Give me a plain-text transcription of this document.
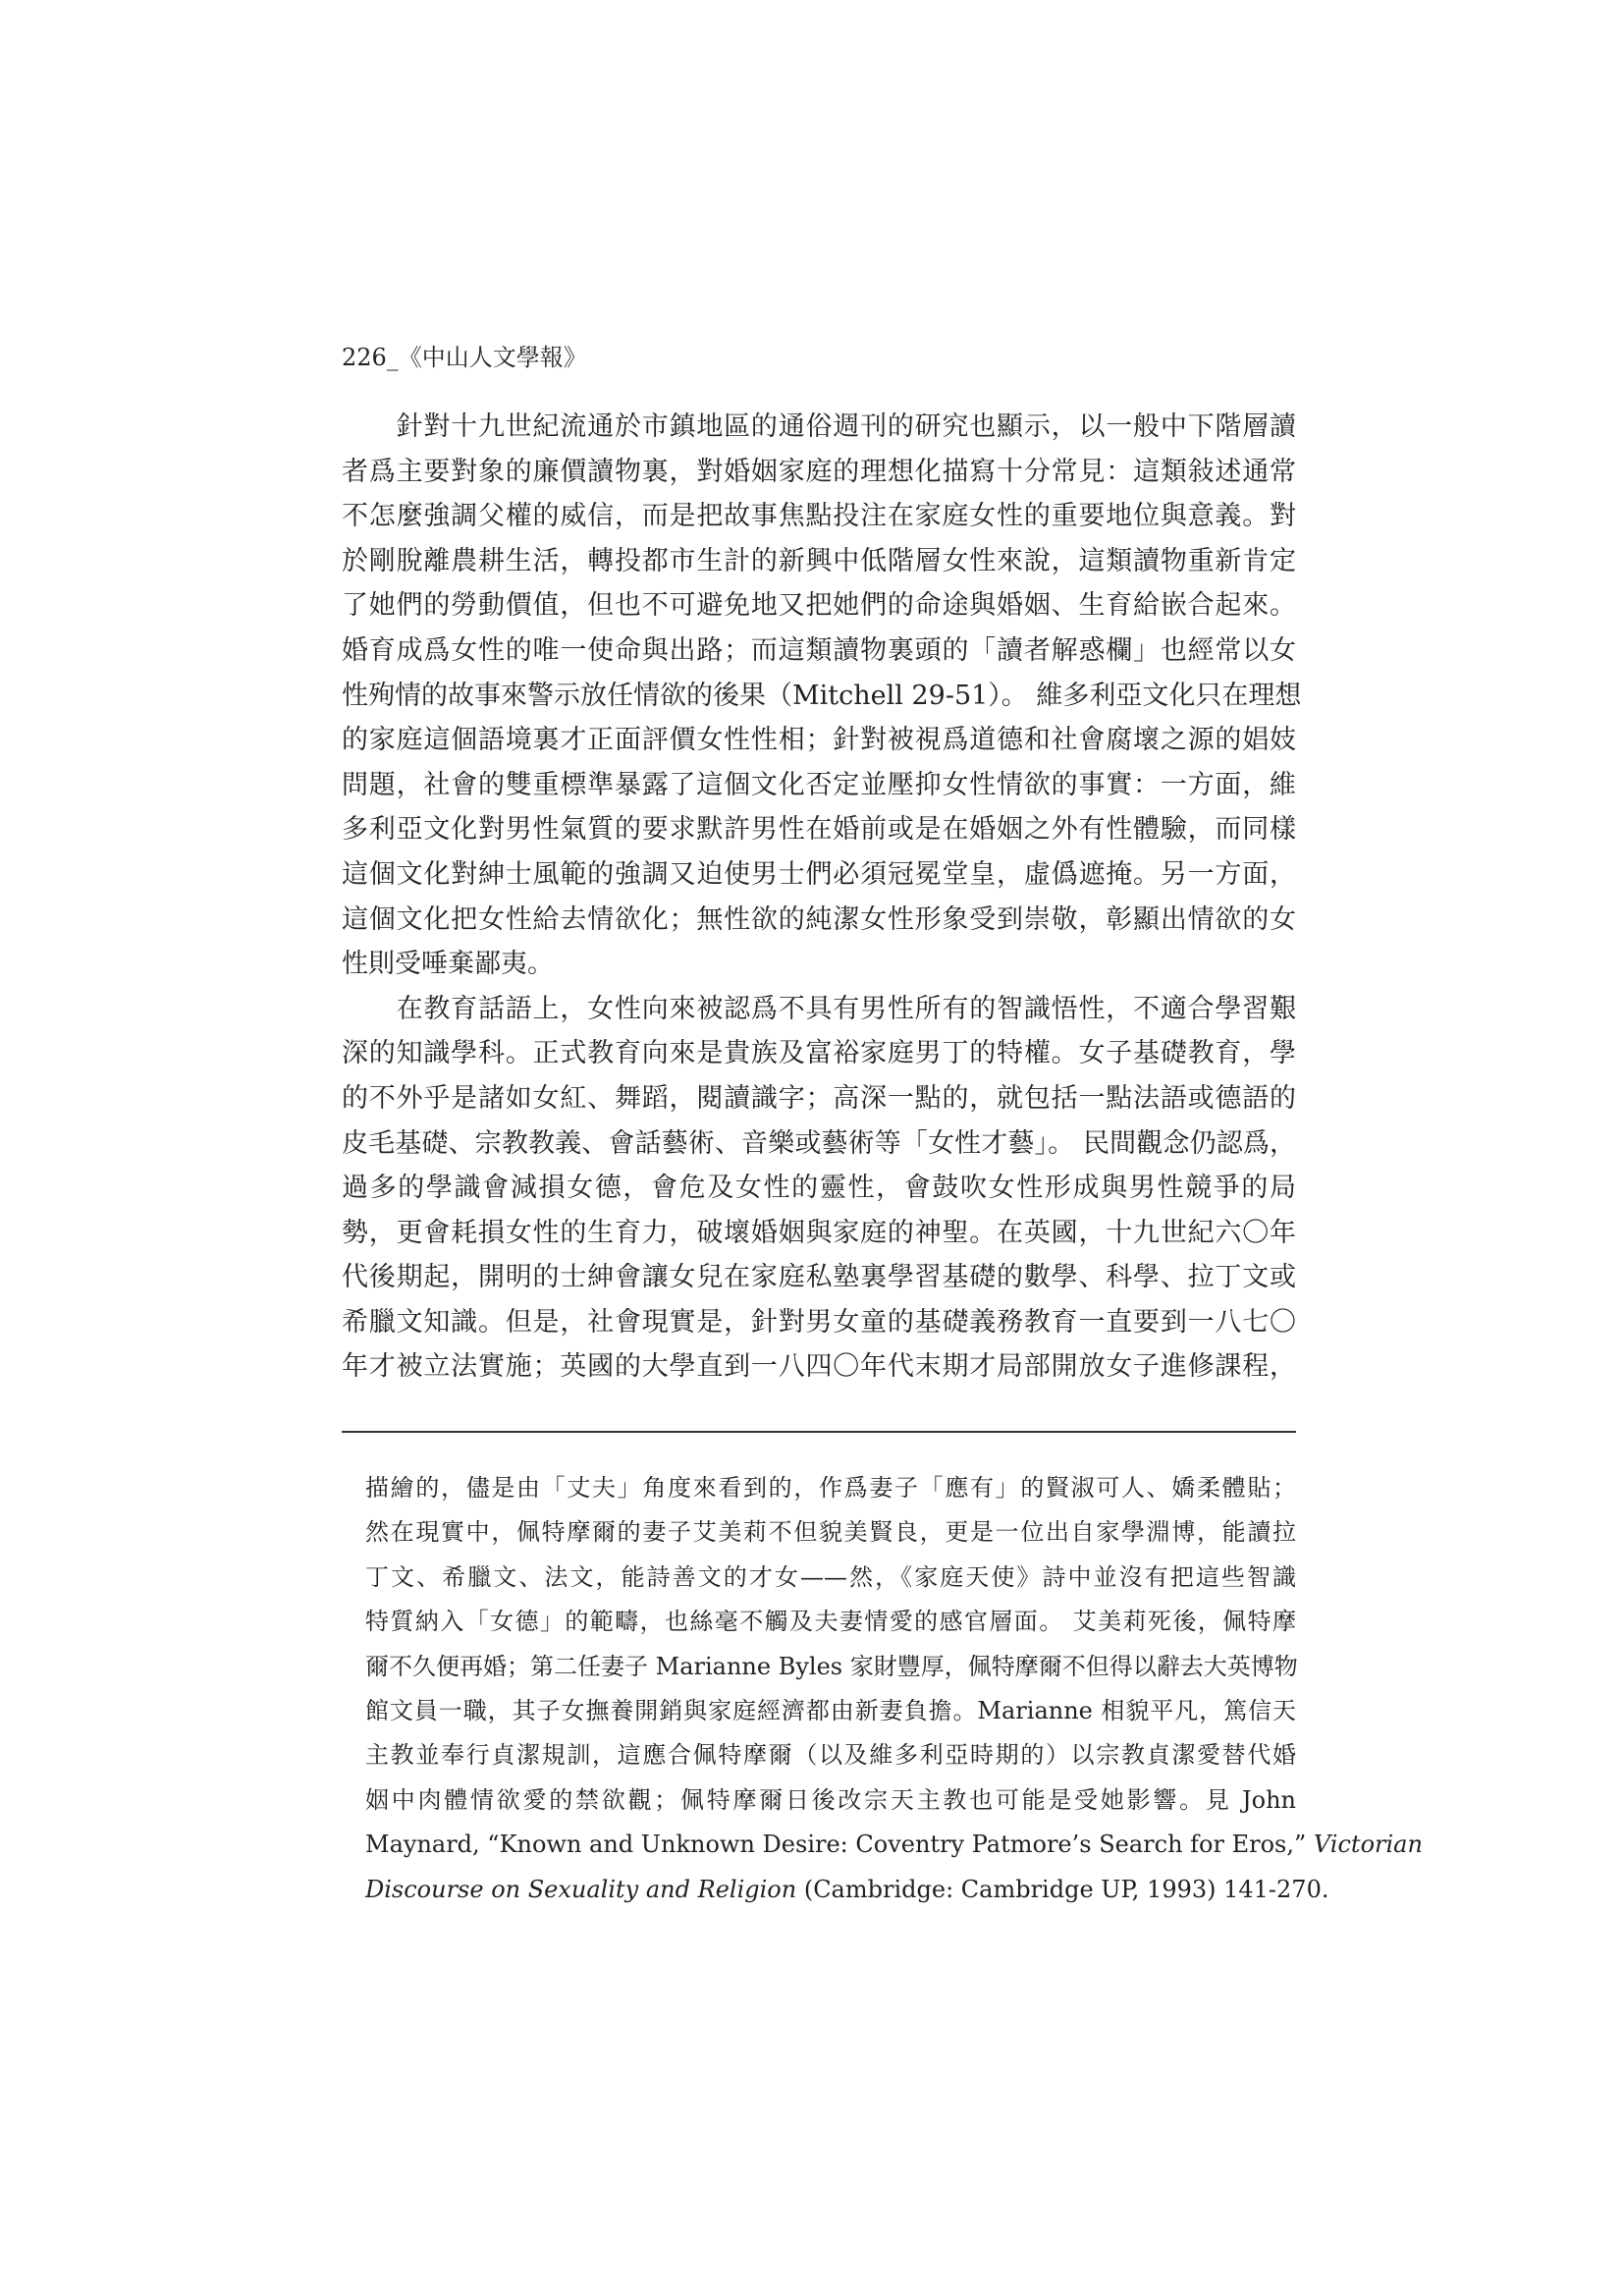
226_《中山人文學報》
　　針對十九世紀流通於市鎮地區的通俗週刊的研究也顯示，以一般中下階層讀
者爲主要對象的廉價讀物裏，對婚姻家庭的理想化描寫十分常見：這類敍述通常
不怎麼強調父權的威信，而是把故事焦點投注在家庭女性的重要地位與意義。對
於剛脫離農耕生活，轉投都市生計的新興中低階層女性來說，這類讀物重新肯定
了她們的勞動價值，但也不可避免地又把她們的命途與婚姻、生育給嵌合起來。
婚育成爲女性的唯一使命與出路；而這類讀物裏頭的「讀者解惑欄」也經常以女
性殉情的故事來警示放任情欲的後果（Mitchell 29-51）。 維多利亞文化只在理想
的家庭這個語境裏才正面評價女性性相；針對被視爲道德和社會腐壞之源的娼妓
問題，社會的雙重標準暴露了這個文化否定並壓抑女性情欲的事實：一方面，維
多利亞文化對男性氣質的要求默許男性在婚前或是在婚姻之外有性體驗，而同樣
這個文化對紳士風範的強調又迫使男士們必須冠冕堂皇，虛僞遮掩。另一方面，
這個文化把女性給去情欲化；無性欲的純潔女性形象受到崇敬，彰顯出情欲的女
性則受唾棄鄙夷。
　　在教育話語上，女性向來被認爲不具有男性所有的智識悟性，不適合學習艱
深的知識學科。正式教育向來是貴族及富裕家庭男丁的特權。女子基礎教育，學
的不外乎是諸如女紅、舞蹈，閱讀識字；高深一點的，就包括一點法語或德語的
皮毛基礎、宗教教義、會話藝術、音樂或藝術等「女性才藝」。 民間觀念仍認爲，
過多的學識會減損女德，會危及女性的靈性，會鼓吹女性形成與男性競爭的局
勢，更會耗損女性的生育力，破壞婚姻與家庭的神聖。在英國，十九世紀六〇年
代後期起，開明的士紳會讓女兒在家庭私塾裏學習基礎的數學、科學、拉丁文或
希臘文知識。但是，社會現實是，針對男女童的基礎義務教育一直要到一八七〇
年才被立法實施；英國的大學直到一八四〇年代末期才局部開放女子進修課程，
描繪的，儘是由「丈夫」角度來看到的，作爲妻子「應有」的賢淑可人、嬌柔體貼；
然在現實中，佩特摩爾的妻子艾美莉不但貌美賢良，更是一位出自家學淵博，能讀拉
丁文、希臘文、法文，能詩善文的才女——然，《家庭天使》詩中並沒有把這些智識
特質納入「女德」的範疇，也絲毫不觸及夫妻情愛的感官層面。 艾美莉死後，佩特摩
爾不久便再婚；第二任妻子 Marianne Byles 家財豐厚，佩特摩爾不但得以辭去大英博物
館文員一職，其子女撫養開銷與家庭經濟都由新妻負擔。Marianne 相貌平凡，篤信天
主教並奉行貞潔規訓，這應合佩特摩爾（以及維多利亞時期的）以宗教貞潔愛替代婚
姻中肉體情欲愛的禁欲觀；佩特摩爾日後改宗天主教也可能是受她影響。見 John
Maynard, “Known and Unknown Desire: Coventry Patmore’s Search for Eros,” Victorian
Discourse on Sexuality and Religion (Cambridge: Cambridge UP, 1993) 141-270.
